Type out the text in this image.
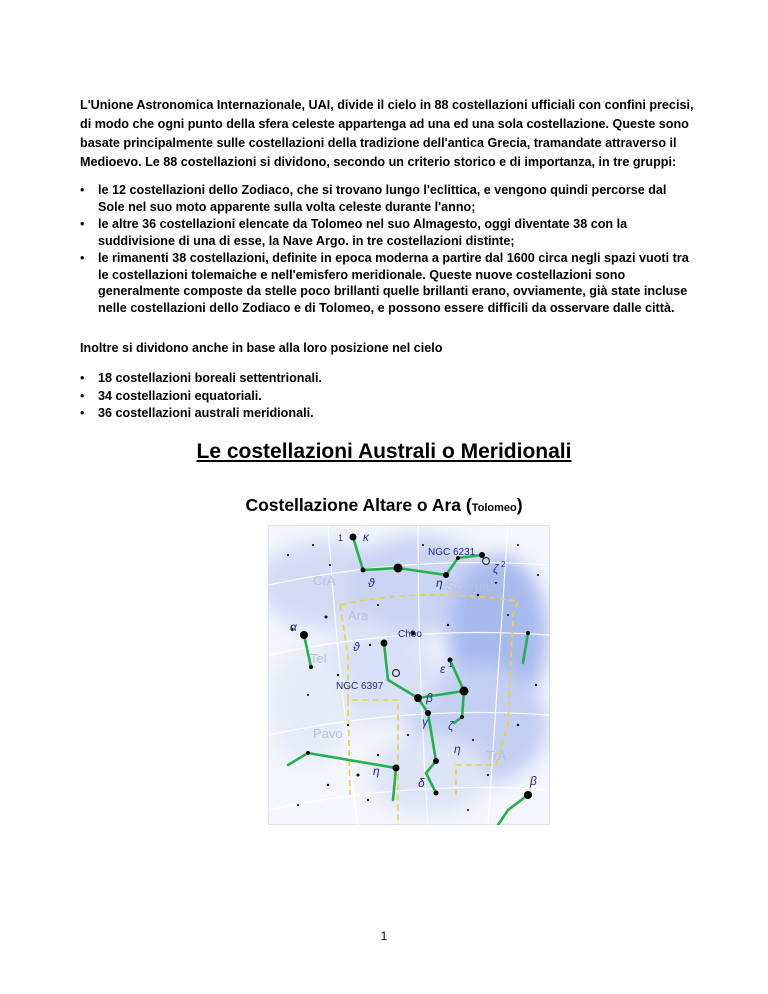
L'Unione Astronomica Internazionale, UAI, divide il cielo in 88 costellazioni ufficiali con confini precisi, di modo che ogni punto della sfera celeste appartenga ad una ed una sola costellazione. Queste sono basate principalmente sulle costellazioni della tradizione dell'antica Grecia, tramandate attraverso il Medioevo. Le 88 costellazioni si dividono, secondo un criterio storico e di importanza, in tre gruppi:

• le 12 costellazioni dello Zodiaco, che si trovano lungo l'eclittica, e vengono quindi percorse dal Sole nel suo moto apparente sulla volta celeste durante l'anno;
• le altre 36 costellazioni elencate da Tolomeo nel suo Almagesto, oggi diventate 38 con la suddivisione di una di esse, la Nave Argo. in tre costellazioni distinte;
• le rimanenti 38 costellazioni, definite in epoca moderna a partire dal 1600 circa negli spazi vuoti tra le costellazioni tolemaiche e nell'emisfero meridionale. Queste nuove costellazioni sono generalmente composte da stelle poco brillanti quelle brillanti erano, ovviamente, già state incluse nelle costellazioni dello Zodiaco e di Tolomeo, e possono essere difficili da osservare dalle città.

Inoltre si dividono anche in base alla loro posizione nel cielo

• 18 costellazioni boreali settentrionali.
• 34 costellazioni equatoriali.
• 36 costellazioni australi meridionali.
Le costellazioni Australi o Meridionali
Costellazione Altare o Ara (Tolomeo)
NGC 6231
Scorpius
CrA
Ara
Choo
Tel
NGC 6397
Pavo
TrA
κ
1
ϑ	η
ζ 2
α
ϑ
ε 1
β
γ ζ
η
δ
η
β
1
